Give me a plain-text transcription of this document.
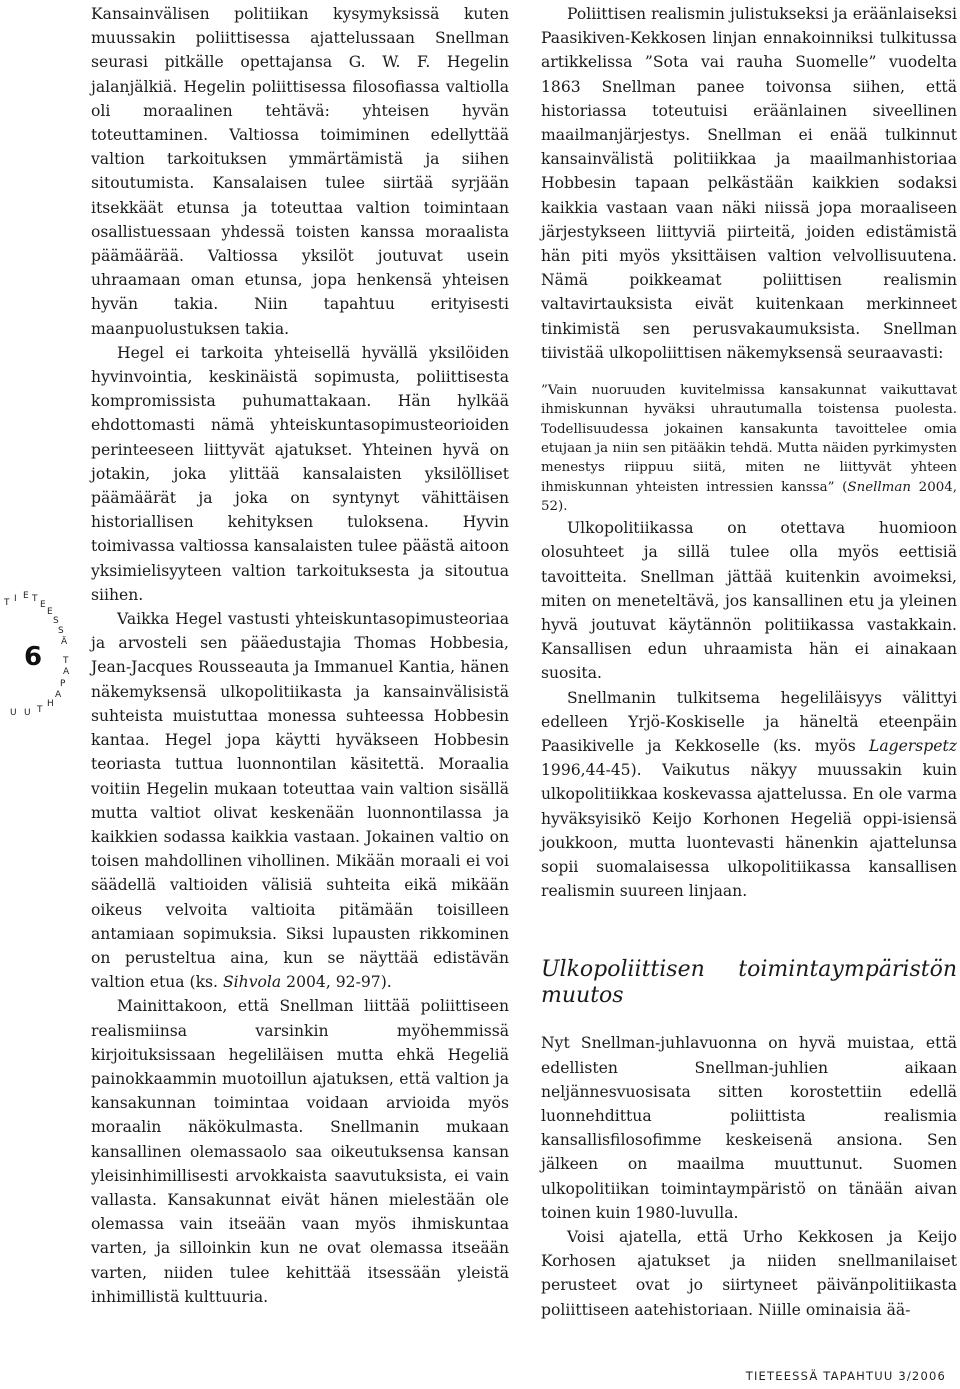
T I E T
E
E
S
S
Ä
T
A
P
A
H
T
U
U
6

Kansainvälisen politiikan kysymyksissä kuten muussakin poliittisessa ajattelussaan Snellman seurasi pitkälle opettajansa G. W. F. Hegelin jalanjälkiä. Hegelin poliittisessa filosofiassa valtiolla oli moraalinen tehtävä: yhteisen hyvän toteuttaminen. Valtiossa toimiminen edellyttää valtion tarkoituksen ymmärtämistä ja siihen sitoutumista. Kansalaisen tulee siirtää syrjään itsekkäät etunsa ja toteuttaa valtion toimintaan osallistuessaan yhdessä toisten kanssa moraalista päämäärää. Valtiossa yksilöt joutuvat usein uhraamaan oman etunsa, jopa henkensä yhteisen hyvän takia. Niin tapahtuu erityisesti maanpuolustuksen takia.

Hegel ei tarkoita yhteisellä hyvällä yksilöiden hyvinvointia, keskinäistä sopimusta, poliittisesta kompromissista puhumattakaan. Hän hylkää ehdottomasti nämä yhteiskuntasopimusteorioiden perinteeseen liittyvät ajatukset. Yhteinen hyvä on jotakin, joka ylittää kansalaisten yksilölliset päämäärät ja joka on syntynyt vähittäisen historiallisen kehityksen tuloksena. Hyvin toimivassa valtiossa kansalaisten tulee päästä aitoon yksimielisyyteen valtion tarkoituksesta ja sitoutua siihen.

Vaikka Hegel vastusti yhteiskuntasopimusteoriaa ja arvosteli sen pääedustajia Thomas Hobbesia, Jean-Jacques Rousseauta ja Immanuel Kantia, hänen näkemyksensä ulkopolitiikasta ja kansainvälisistä suhteista muistuttaa monessa suhteessa Hobbesin kantaa. Hegel jopa käytti hyväkseen Hobbesin teoriasta tuttua luonnontilan käsitettä. Moraalia voitiin Hegelin mukaan toteuttaa vain valtion sisällä mutta valtiot olivat keskenään luonnontilassa ja kaikkien sodassa kaikkia vastaan. Jokainen valtio on toisen mahdollinen vihollinen. Mikään moraali ei voi säädellä valtioiden välisiä suhteita eikä mikään oikeus velvoita valtioita pitämään toisilleen antamiaan sopimuksia. Siksi lupausten rikkominen on perusteltua aina, kun se näyttää edistävän valtion etua (ks. Sihvola 2004, 92-97).

Mainittakoon, että Snellman liittää poliittiseen realismiinsa varsinkin myöhemmissä kirjoituksissaan hegeliläisen mutta ehkä Hegeliä painokkaammin muotoillun ajatuksen, että valtion ja kansakunnan toimintaa voidaan arvioida myös moraalin näkökulmasta. Snellmanin mukaan kansallinen olemassaolo saa oikeutuksensa kansan yleisinhimillisesti arvokkaista saavutuksista, ei vain vallasta. Kansakunnat eivät hänen mielestään ole olemassa vain itseään vaan myös ihmiskuntaa varten, ja silloinkin kun ne ovat olemassa itseään varten, niiden tulee kehittää itsessään yleistä inhimillistä kulttuuria.

Poliittisen realismin julistukseksi ja eräänlaiseksi Paasikiven-Kekkosen linjan ennakoinniksi tulkitussa artikkelissa ”Sota vai rauha Suomelle” vuodelta 1863 Snellman panee toivonsa siihen, että historiassa toteutuisi eräänlainen siveellinen maailmanjärjestys. Snellman ei enää tulkinnut kansainvälistä politiikkaa ja maailmanhistoriaa Hobbesin tapaan pelkästään kaikkien sodaksi kaikkia vastaan vaan näki niissä jopa moraaliseen järjestykseen liittyviä piirteitä, joiden edistämistä hän piti myös yksittäisen valtion velvollisuutena. Nämä poikkeamat poliittisen realismin valtavirtauksista eivät kuitenkaan merkinneet tinkimistä sen perusvakaumuksista. Snellman tiivistää ulkopoliittisen näkemyksensä seuraavasti:

”Vain nuoruuden kuvitelmissa kansakunnat vaikuttavat ihmiskunnan hyväksi uhrautumalla toistensa puolesta. Todellisuudessa jokainen kansakunta tavoittelee omia etujaan ja niin sen pitääkin tehdä. Mutta näiden pyrkimysten menestys riippuu siitä, miten ne liittyvät yhteen ihmiskunnan yhteisten intressien kanssa” (Snellman 2004, 52).

Ulkopolitiikassa on otettava huomioon olosuhteet ja sillä tulee olla myös eettisiä tavoitteita. Snellman jättää kuitenkin avoimeksi, miten on meneteltävä, jos kansallinen etu ja yleinen hyvä joutuvat käytännön politiikassa vastakkain. Kansallisen edun uhraamista hän ei ainakaan suosita.

Snellmanin tulkitsema hegeliläisyys välittyi edelleen Yrjö-Koskiselle ja häneltä eteenpäin Paasikivelle ja Kekkoselle (ks. myös Lagerspetz 1996,44-45). Vaikutus näkyy muussakin kuin ulkopolitiikkaa koskevassa ajattelussa. En ole varma hyväksyisikö Keijo Korhonen Hegeliä oppi-isiensä joukkoon, mutta luontevasti hänenkin ajattelunsa sopii suomalaisessa ulkopolitiikassa kansallisen realismin suureen linjaan.

Ulkopoliittisen toimintaympäristön muutos

Nyt Snellman-juhlavuonna on hyvä muistaa, että edellisten Snellman-juhlien aikaan neljännesvuosisata sitten korostettiin edellä luonnehdittua poliittista realismia kansallisfilosofimme keskeisenä ansiona. Sen jälkeen on maailma muuttunut. Suomen ulkopolitiikan toimintaympäristö on tänään aivan toinen kuin 1980-luvulla.

Voisi ajatella, että Urho Kekkosen ja Keijo Korhosen ajatukset ja niiden snellmanilaiset perusteet ovat jo siirtyneet päivänpolitiikasta poliittiseen aatehistoriaan. Niille ominaisia ää-

TIETEESSÄ TAPAHTUU 3/2006
